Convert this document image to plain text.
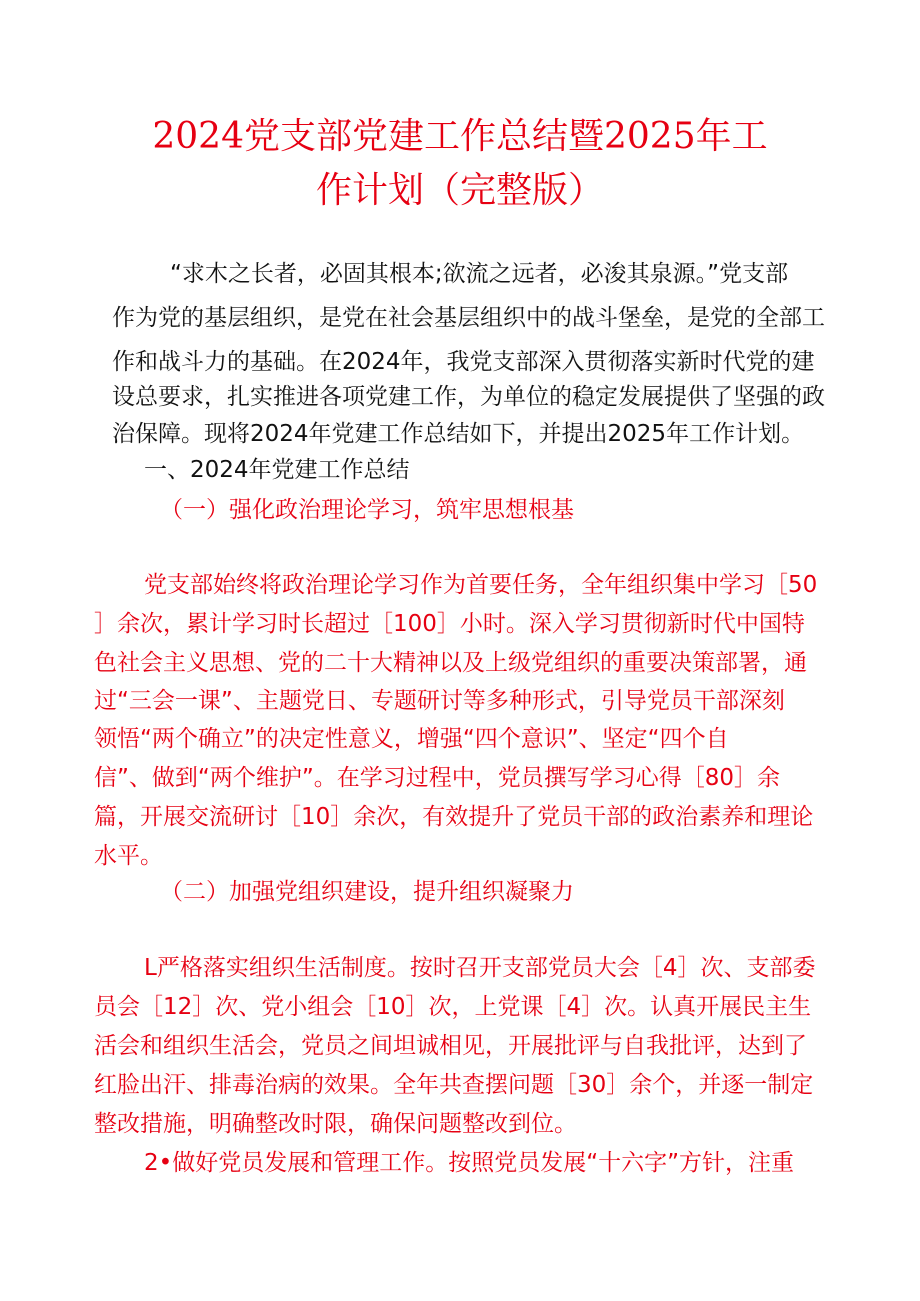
2024党支部党建工作总结暨2025年工
作计划（完整版）

“求木之长者，必固其根本;欲流之远者，必浚其泉源。”党支部

作为党的基层组织，是党在社会基层组织中的战斗堡垒，是党的全部工

作和战斗力的基础。在2024年，我党支部深入贯彻落实新时代党的建

设总要求，扎实推进各项党建工作，为单位的稳定发展提供了坚强的政

治保障。现将2024年党建工作总结如下，并提出2025年工作计划。

一、2024年党建工作总结

（一）强化政治理论学习，筑牢思想根基

党支部始终将政治理论学习作为首要任务，全年组织集中学习［50

］余次，累计学习时长超过［100］小时。深入学习贯彻新时代中国特

色社会主义思想、党的二十大精神以及上级党组织的重要决策部署，通

过“三会一课”、主题党日、专题研讨等多种形式，引导党员干部深刻

领悟“两个确立”的决定性意义，增强“四个意识”、坚定“四个自

信”、做到“两个维护”。在学习过程中，党员撰写学习心得［80］余

篇，开展交流研讨［10］余次，有效提升了党员干部的政治素养和理论

水平。

（二）加强党组织建设，提升组织凝聚力

L严格落实组织生活制度。按时召开支部党员大会［4］次、支部委

员会［12］次、党小组会［10］次，上党课［4］次。认真开展民主生

活会和组织生活会，党员之间坦诚相见，开展批评与自我批评，达到了

红脸出汗、排毒治病的效果。全年共查摆问题［30］余个，并逐一制定

整改措施，明确整改时限，确保问题整改到位。

2•做好党员发展和管理工作。按照党员发展“十六字”方针，注重
